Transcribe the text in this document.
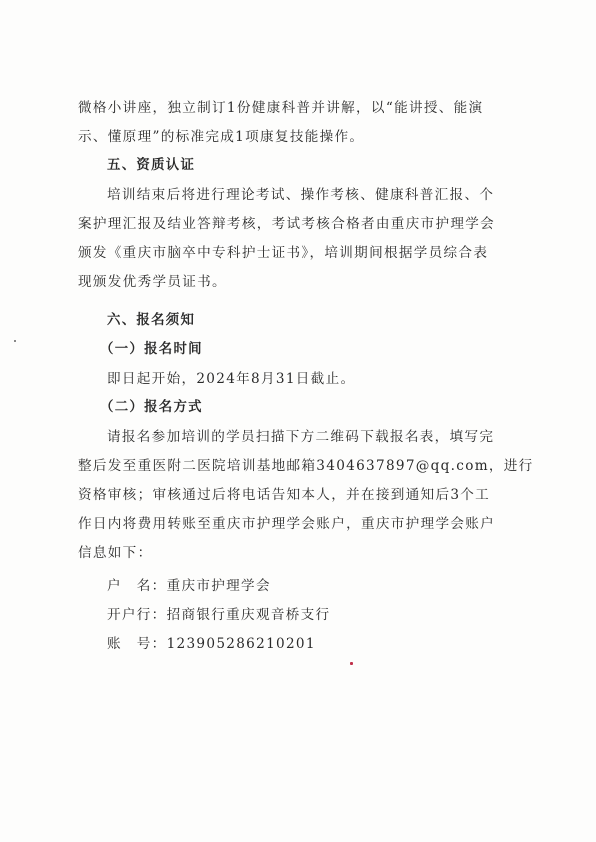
微格小讲座，独立制订1份健康科普并讲解，以“能讲授、能演
示、懂原理”的标准完成1项康复技能操作。
五、资质认证
培训结束后将进行理论考试、操作考核、健康科普汇报、个
案护理汇报及结业答辩考核，考试考核合格者由重庆市护理学会
颁发《重庆市脑卒中专科护士证书》，培训期间根据学员综合表
现颁发优秀学员证书。
六、报名须知
（一）报名时间
即日起开始，2024年8月31日截止。
（二）报名方式
请报名参加培训的学员扫描下方二维码下载报名表，填写完
整后发至重医附二医院培训基地邮箱3404637897@qq.com，进行
资格审核；审核通过后将电话告知本人，并在接到通知后3个工
作日内将费用转账至重庆市护理学会账户，重庆市护理学会账户
信息如下：
户　名：重庆市护理学会
开户行：招商银行重庆观音桥支行
账　号：123905286210201
